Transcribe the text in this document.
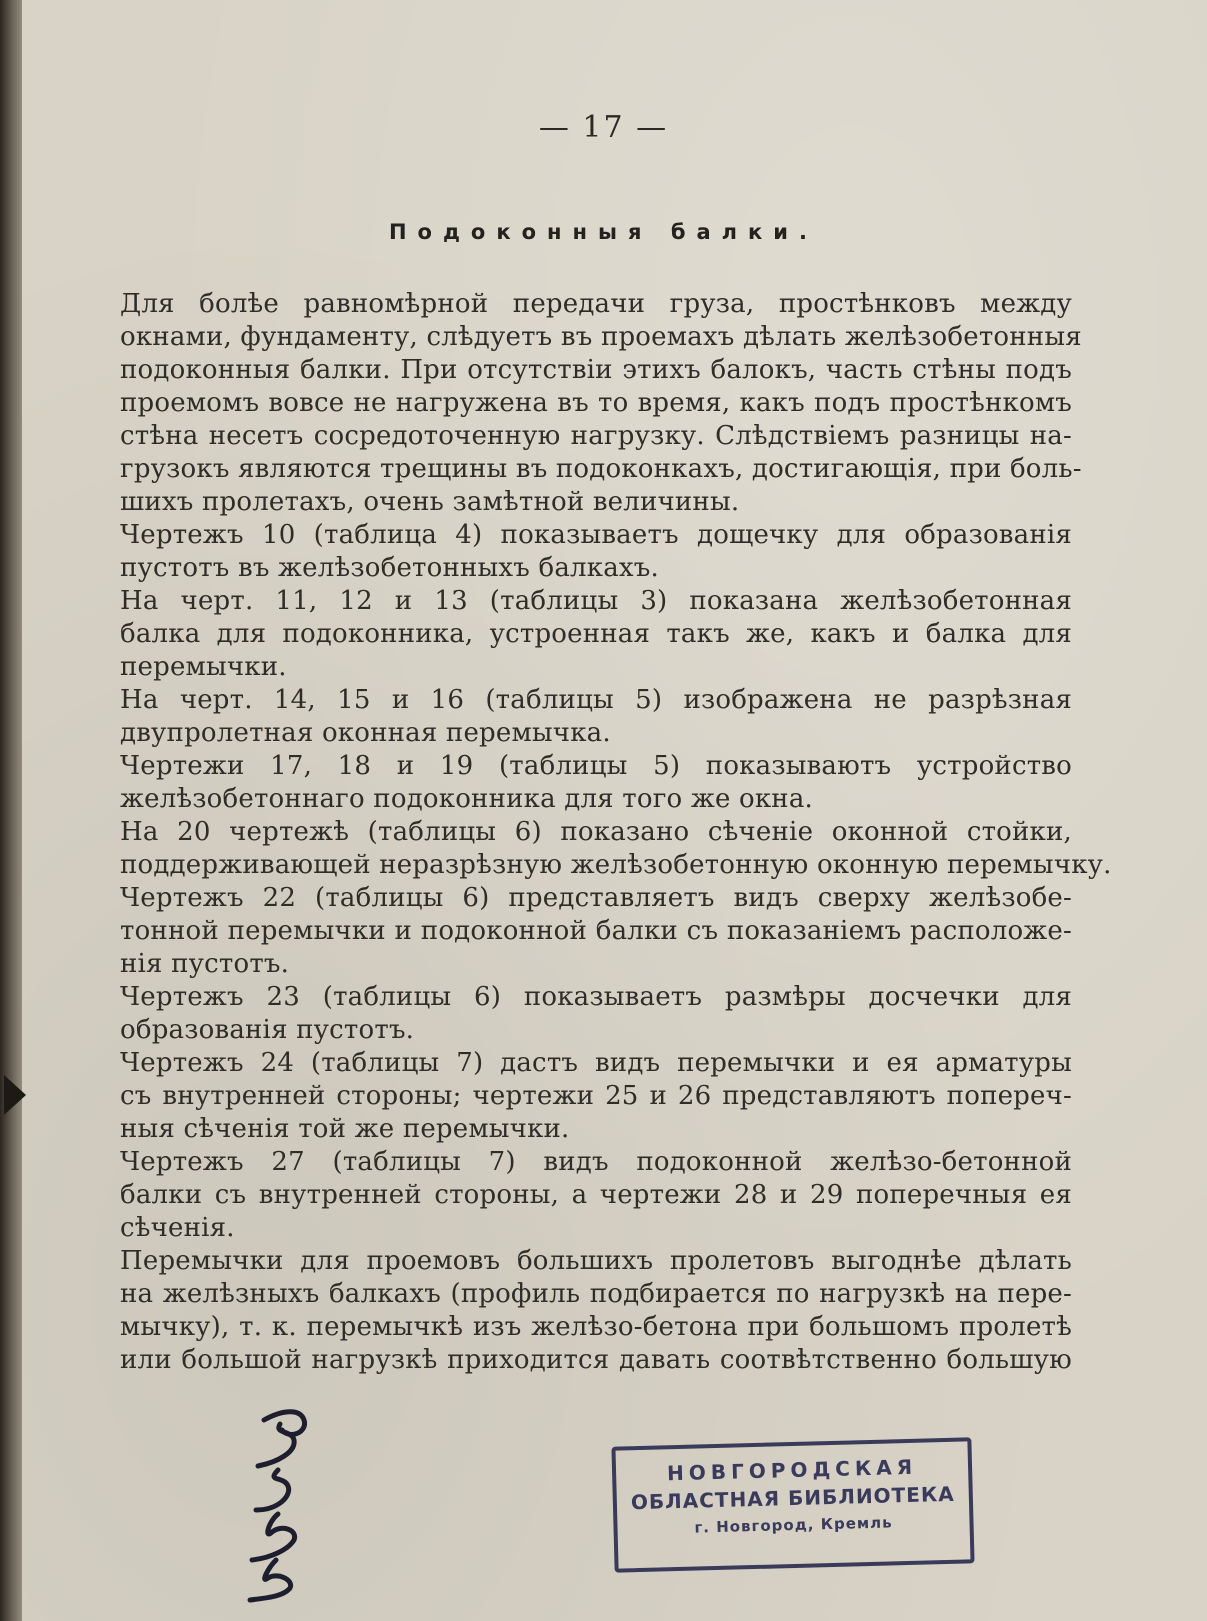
— 17 —
Подоконныя балки.
Для болѣе равномѣрной передачи груза, простѣнковъ между
окнами, фундаменту, слѣдуетъ въ проемахъ дѣлать желѣзобетонныя
подоконныя балки. При отсутствіи этихъ балокъ, часть стѣны подъ
проемомъ вовсе не нагружена въ то время, какъ подъ простѣнкомъ
стѣна несетъ сосредоточенную нагрузку. Слѣдствіемъ разницы на-
грузокъ являются трещины въ подоконкахъ, достигающія, при боль-
шихъ пролетахъ, очень замѣтной величины.
Чертежъ 10 (таблица 4) показываетъ дощечку для образованія
пустотъ въ желѣзобетонныхъ балкахъ.
На черт. 11, 12 и 13 (таблицы 3) показана желѣзобетонная
балка для подоконника, устроенная такъ же, какъ и балка для
перемычки.
На черт. 14, 15 и 16 (таблицы 5) изображена не разрѣзная
двупролетная оконная перемычка.
Чертежи 17, 18 и 19 (таблицы 5) показываютъ устройство
желѣзобетоннаго подоконника для того же окна.
На 20 чертежѣ (таблицы 6) показано сѣченіе оконной стойки,
поддерживающей неразрѣзную желѣзобетонную оконную перемычку.
Чертежъ 22 (таблицы 6) представляетъ видъ сверху желѣзобе-
тонной перемычки и подоконной балки съ показаніемъ расположе-
нія пустотъ.
Чертежъ 23 (таблицы 6) показываетъ размѣры досчечки для
образованія пустотъ.
Чертежъ 24 (таблицы 7) дастъ видъ перемычки и ея арматуры
съ внутренней стороны; чертежи 25 и 26 представляютъ попереч-
ныя сѣченія той же перемычки.
Чертежъ 27 (таблицы 7) видъ подоконной желѣзо-бетонной
балки съ внутренней стороны, а чертежи 28 и 29 поперечныя ея
сѣченія.
Перемычки для проемовъ большихъ пролетовъ выгоднѣе дѣлать
на желѣзныхъ балкахъ (профиль подбирается по нагрузкѣ на пере-
мычку), т. к. перемычкѣ изъ желѣзо-бетона при большомъ пролетѣ
или большой нагрузкѣ приходится давать соотвѣтственно большую
НОВГОРОДСКАЯ
ОБЛАСТНАЯ БИБЛИОТЕКА
г. Новгород, Кремль
